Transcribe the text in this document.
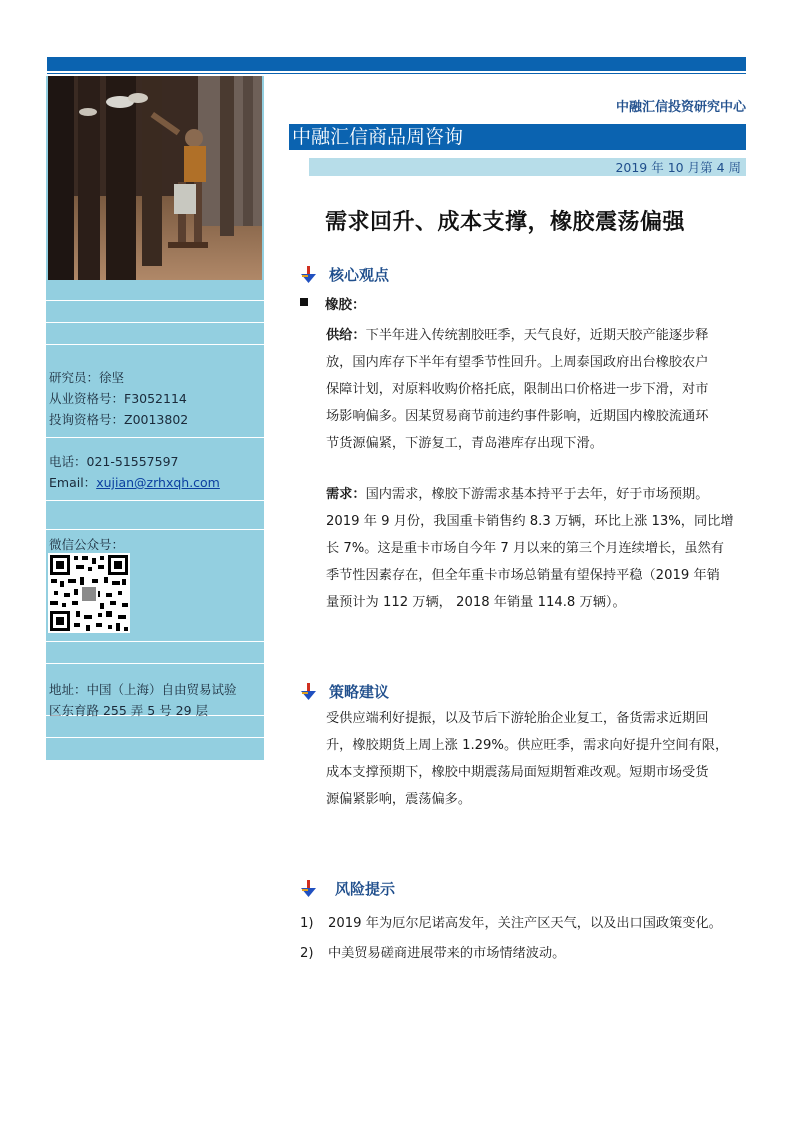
研究员：徐坚
从业资格号：F3052114
投询资格号：Z0013802
电话：021-51557597
Email：xujian@zrhxqh.com
微信公众号：
地址：中国（上海）自由贸易试验
区东育路 255 弄 5 号 29 层
中融汇信投资研究中心
中融汇信商品周咨询
2019 年 10 月第 4 周
需求回升、成本支撑，橡胶震荡偏强
核心观点
橡胶：
供给：下半年进入传统割胶旺季，天气良好，近期天胶产能逐步释
放，国内库存下半年有望季节性回升。上周泰国政府出台橡胶农户
保障计划，对原料收购价格托底，限制出口价格进一步下滑，对市
场影响偏多。因某贸易商节前违约事件影响，近期国内橡胶流通环
节货源偏紧，下游复工，青岛港库存出现下滑。
需求：国内需求，橡胶下游需求基本持平于去年，好于市场预期。
2019 年 9 月份，我国重卡销售约 8.3 万辆，环比上涨 13%，同比增
长 7%。这是重卡市场自今年 7 月以来的第三个月连续增长，虽然有
季节性因素存在，但全年重卡市场总销量有望保持平稳（2019 年销
量预计为 112 万辆， 2018 年销量 114.8 万辆）。
策略建议
受供应端利好提振，以及节后下游轮胎企业复工，备货需求近期回
升，橡胶期货上周上涨 1.29%。供应旺季，需求向好提升空间有限，
成本支撑预期下，橡胶中期震荡局面短期暂难改观。短期市场受货
源偏紧影响，震荡偏多。
风险提示
1) 2019 年为厄尔尼诺高发年，关注产区天气，以及出口国政策变化。
2) 中美贸易磋商进展带来的市场情绪波动。
